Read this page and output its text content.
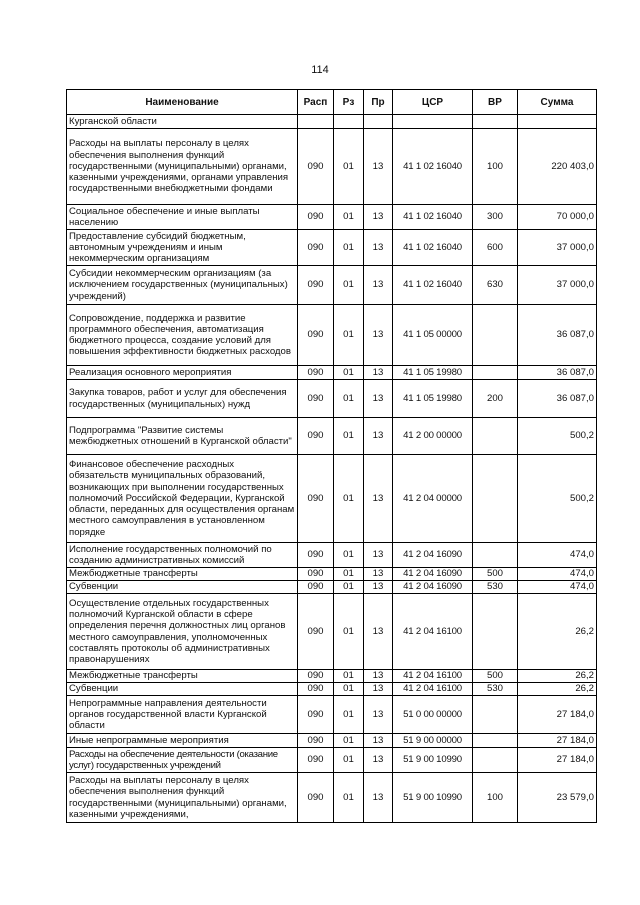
114
Наименование	Расп	Рз	Пр	ЦСР	ВР	Сумма
Курганской области						
Расходы на выплаты персоналу в целях обеспечения выполнения функций государственными (муниципальными) органами, казенными учреждениями, органами управления государственными внебюджетными фондами	090	01	13	41 1 02 16040	100	220 403,0
Социальное обеспечение и иные выплаты населению	090	01	13	41 1 02 16040	300	70 000,0
Предоставление субсидий бюджетным, автономным учреждениям и иным некоммерческим организациям	090	01	13	41 1 02 16040	600	37 000,0
Субсидии некоммерческим организациям (за исключением государственных (муниципальных) учреждений)	090	01	13	41 1 02 16040	630	37 000,0
Сопровождение, поддержка и развитие программного обеспечения, автоматизация бюджетного процесса, создание условий для повышения эффективности бюджетных расходов	090	01	13	41 1 05 00000		36 087,0
Реализация основного мероприятия	090	01	13	41 1 05 19980		36 087,0
Закупка товаров, работ и услуг для обеспечения государственных (муниципальных) нужд	090	01	13	41 1 05 19980	200	36 087,0
Подпрограмма "Развитие системы межбюджетных отношений в Курганской области"	090	01	13	41 2 00 00000		500,2
Финансовое обеспечение расходных обязательств муниципальных образований, возникающих при выполнении государственных полномочий Российской Федерации, Курганской области, переданных для осуществления органам местного самоуправления в установленном порядке	090	01	13	41 2 04 00000		500,2
Исполнение государственных полномочий по созданию административных комиссий	090	01	13	41 2 04 16090		474,0
Межбюджетные трансферты	090	01	13	41 2 04 16090	500	474,0
Субвенции	090	01	13	41 2 04 16090	530	474,0
Осуществление отдельных государственных полномочий Курганской области в сфере определения перечня должностных лиц органов местного самоуправления, уполномоченных составлять протоколы об административных правонарушениях	090	01	13	41 2 04 16100		26,2
Межбюджетные трансферты	090	01	13	41 2 04 16100	500	26,2
Субвенции	090	01	13	41 2 04 16100	530	26,2
Непрограммные направления деятельности органов государственной власти Курганской области	090	01	13	51 0 00 00000		27 184,0
Иные непрограммные мероприятия	090	01	13	51 9 00 00000		27 184,0
Расходы на обеспечение деятельности (оказание услуг) государственных учреждений	090	01	13	51 9 00 10990		27 184,0
Расходы на выплаты персоналу в целях обеспечения выполнения функций государственными (муниципальными) органами, казенными учреждениями,	090	01	13	51 9 00 10990	100	23 579,0
